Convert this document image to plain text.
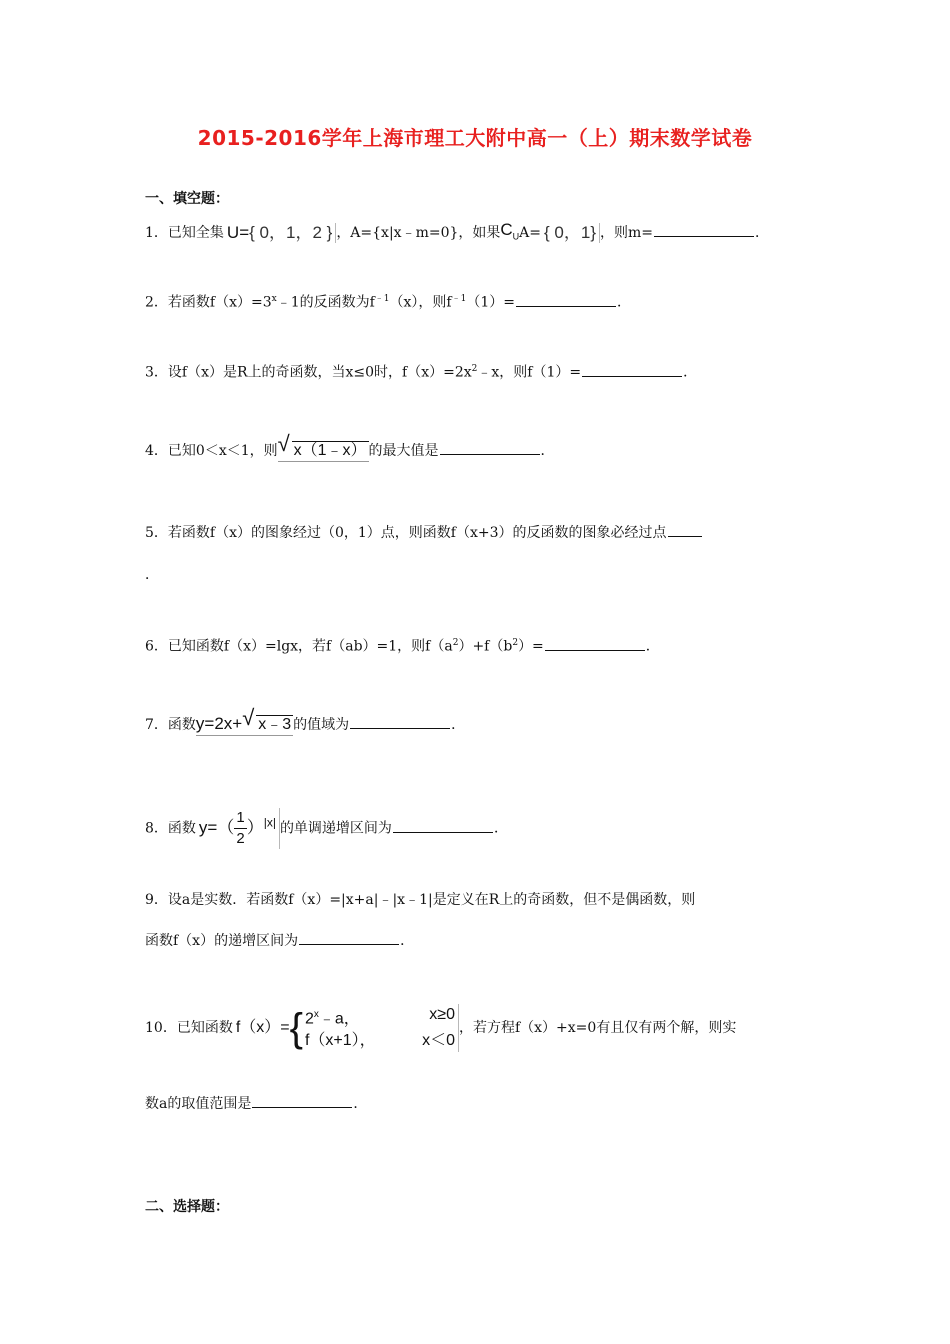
2015-2016学年上海市理工大附中高一（上）期末数学试卷
一、填空题：
1．已知全集 U={ 0，1，2 } ，A={x|x﹣m=0}，如果$C_UA=$ { 0，1} ，则m=	．
2．若函数$f(x)=3^x﹣1$的反函数为$f^{﹣1}(x)$，则$f^{﹣1}(1)=$	．
3．设f（x）是R上的奇函数，当x≤0时，$f(x)=2x^2﹣x$，则f（1）=	．
4．已知0＜x＜1，则 √ x（1﹣x） 的最大值是	．
5．若函数f（x）的图象经过（0，1）点，则函数f（x+3）的反函数的图象必经过点
．
6．已知函数f（x）=lgx，若f（ab）=1，则$f(a^2)+f(b^2)=$	．
7．函数y=2x+ √ x﹣3 的值域为	．
8．函数 $y=( \frac{1}{2} )^{|x|}$ 的单调递增区间为	．
9．设a是实数．若函数f（x）=|x+a|﹣|x﹣1|是定义在R上的奇函数，但不是偶函数，则
函数f（x）的递增区间为	．
10．已知函数 f（x）= { 2$^x$﹣a，	x≥0
f（x+1），	x＜0
，若方程f（x）+x=0有且仅有两个解，则实
数a的取值范围是	．
二、选择题：
